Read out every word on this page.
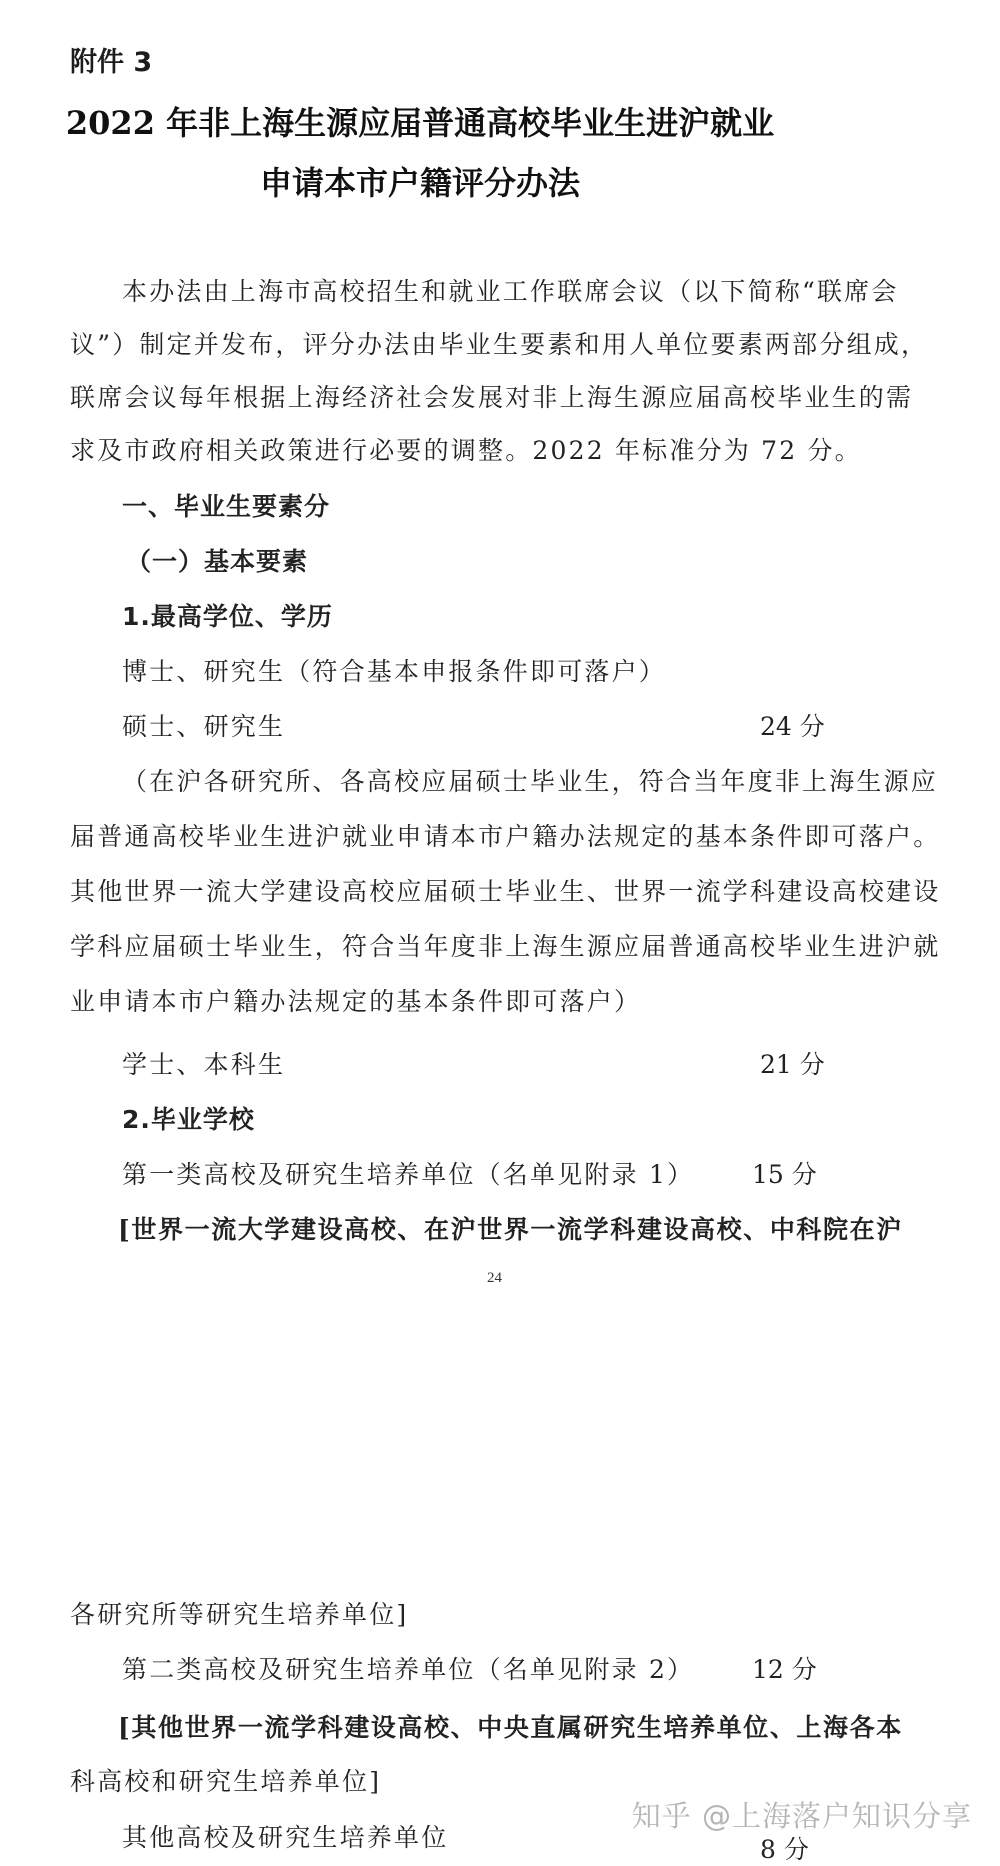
附件 3
2022 年非上海生源应届普通高校毕业生进沪就业
申请本市户籍评分办法
本办法由上海市高校招生和就业工作联席会议（以下简称“联席会
议”）制定并发布，评分办法由毕业生要素和用人单位要素两部分组成，
联席会议每年根据上海经济社会发展对非上海生源应届高校毕业生的需
求及市政府相关政策进行必要的调整。2022 年标准分为 72 分。
一、毕业生要素分
（一）基本要素
1.最高学位、学历
博士、研究生（符合基本申报条件即可落户）
硕士、研究生	24 分
（在沪各研究所、各高校应届硕士毕业生，符合当年度非上海生源应
届普通高校毕业生进沪就业申请本市户籍办法规定的基本条件即可落户。
其他世界一流大学建设高校应届硕士毕业生、世界一流学科建设高校建设
学科应届硕士毕业生，符合当年度非上海生源应届普通高校毕业生进沪就
业申请本市户籍办法规定的基本条件即可落户）
学士、本科生	21 分
2.毕业学校
第一类高校及研究生培养单位（名单见附录 1） 15 分
[世界一流大学建设高校、在沪世界一流学科建设高校、中科院在沪
24
各研究所等研究生培养单位]
第二类高校及研究生培养单位（名单见附录 2） 12 分
[其他世界一流学科建设高校、中央直属研究生培养单位、上海各本
科高校和研究生培养单位]
其他高校及研究生培养单位	8 分
知乎 @上海落户知识分享
